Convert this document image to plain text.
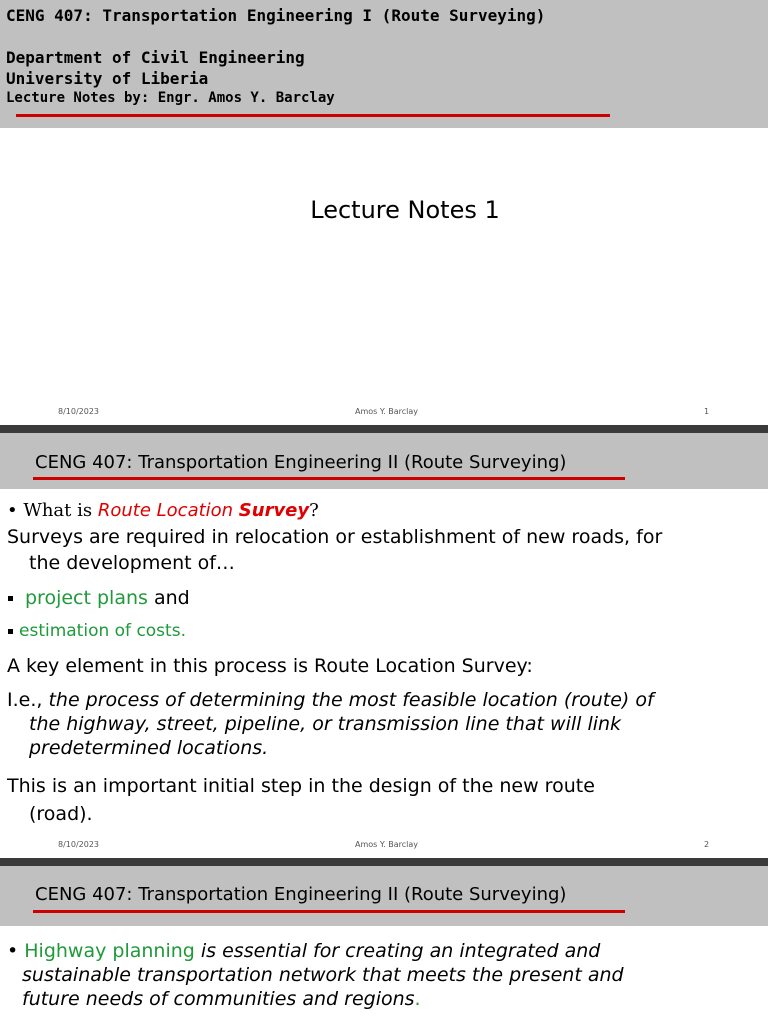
CENG 407: Transportation Engineering I (Route Surveying)
Department of Civil Engineering
University of Liberia
Lecture Notes by: Engr. Amos Y. Barclay
Lecture Notes 1
8/10/2023	Amos Y. Barclay	1
CENG 407: Transportation Engineering II (Route Surveying)
• What is Route Location Survey?
Surveys are required in relocation or establishment of new roads, for
the development of…
project plans and
estimation of costs.
A key element in this process is Route Location Survey:
I.e., the process of determining the most feasible location (route) of
the highway, street, pipeline, or transmission line that will link
predetermined locations.
This is an important initial step in the design of the new route
(road).
8/10/2023	Amos Y. Barclay	2
CENG 407: Transportation Engineering II (Route Surveying)
• Highway planning is essential for creating an integrated and
sustainable transportation network that meets the present and
future needs of communities and regions.
